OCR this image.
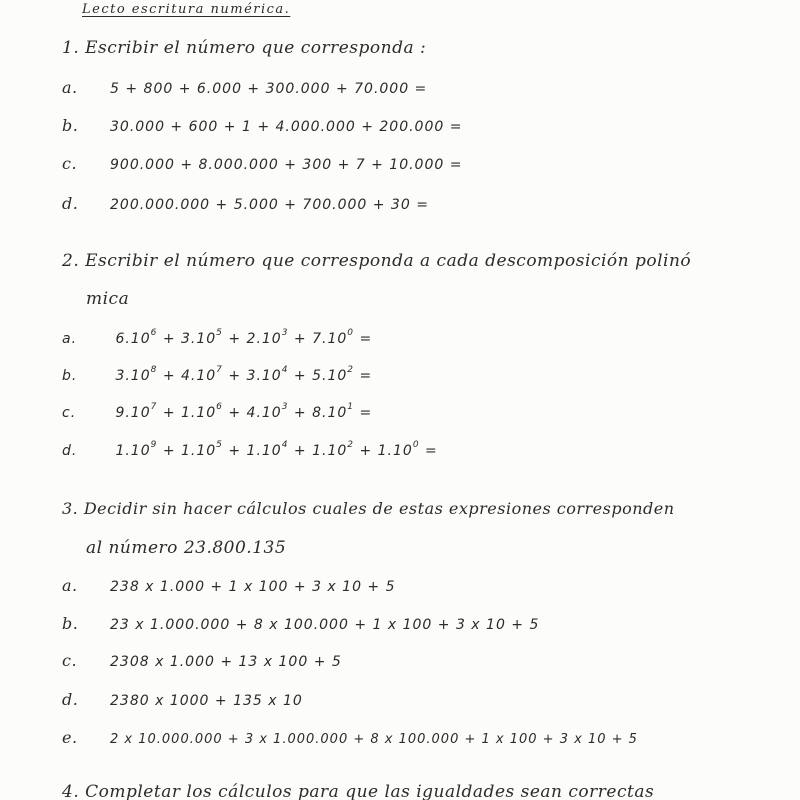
Lecto escritura numérica.
1. Escribir el número que corresponda :
a. 5 + 800 + 6.000 + 300.000 + 70.000 =
b. 30.000 + 600 + 1 + 4.000.000 + 200.000 =
c. 900.000 + 8.000.000 + 300 + 7 + 10.000 =
d. 200.000.000 + 5.000 + 700.000 + 30 =
2. Escribir el número que corresponda a cada descomposición polinó
mica
a.	$6.10^6 + 3.10^5 + 2.10^3 + 7.10^0$ =
b.	$3.10^8 + 4.10^7 + 3.10^4 + 5.10^2$ =
c.	$9.10^7 + 1.10^6 + 4.10^3 + 8.10^1$ =
d.	$1.10^9 + 1.10^5 + 1.10^4 + 1.10^2 + 1.10^0$ =
3. Decidir sin hacer cálculos cuales de estas expresiones corresponden
al número 23.800.135
a. 238 x 1.000 + 1 x 100 + 3 x 10 + 5
b. 23 x 1.000.000 + 8 x 100.000 + 1 x 100 + 3 x 10 + 5
c. 2308 x 1.000 + 13 x 100 + 5
d. 2380 x 1000 + 135 x 10
e. 2 x 10.000.000 + 3 x 1.000.000 + 8 x 100.000 + 1 x 100 + 3 x 10 + 5
4. Completar los cálculos para que las igualdades sean correctas
